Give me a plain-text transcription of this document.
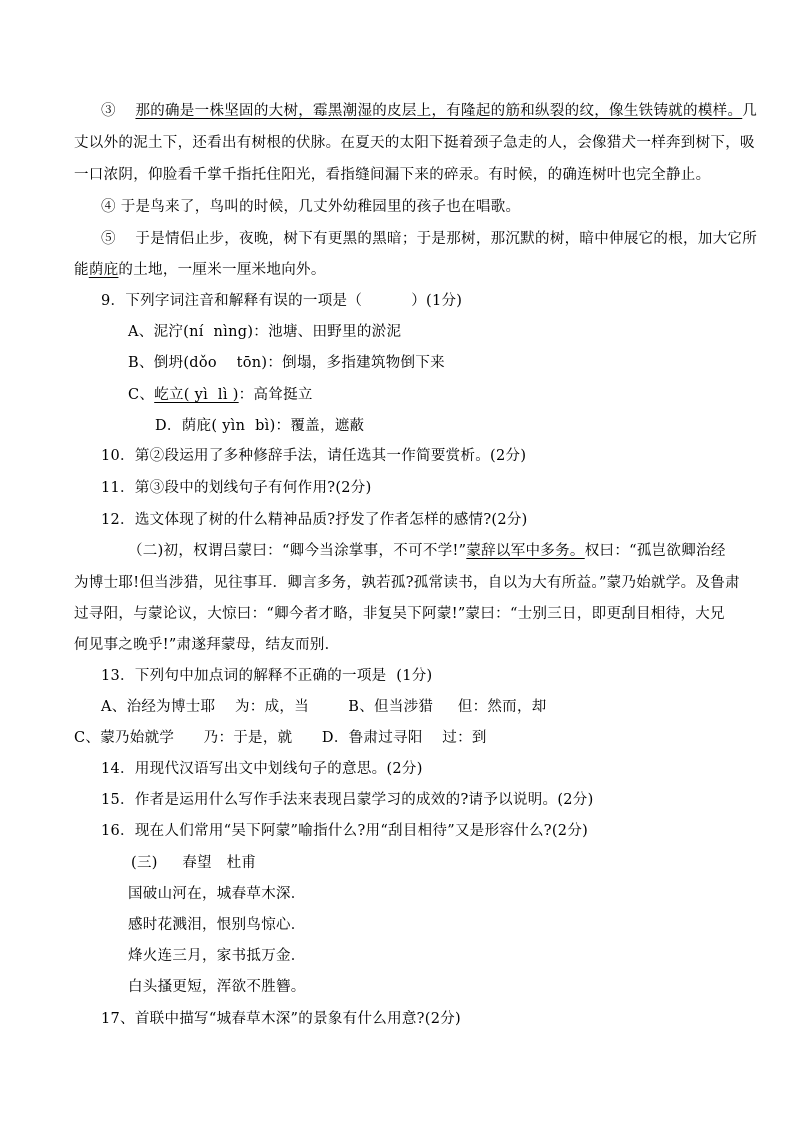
③ 那的确是一株坚固的大树，霉黑潮湿的皮层上，有隆起的筋和纵裂的纹，像生铁铸就的模样。几
丈以外的泥土下，还看出有树根的伏脉。在夏天的太阳下挺着颈子急走的人，会像猎犬一样奔到树下，吸
一口浓阴，仰脸看千掌千指托住阳光，看指缝间漏下来的碎汞。有时候，的确连树叶也完全静止。
④ 于是鸟来了，鸟叫的时候，几丈外幼稚园里的孩子也在唱歌。
⑤    于是情侣止步，夜晚，树下有更黑的黑暗；于是那树，那沉默的树，暗中伸展它的根，加大它所
能荫庇的土地，一厘米一厘米地向外。
9．下列字词注音和解释有误的一项是（          ）(1分)
A、泥泞(ní  nìng)：池塘、田野里的淤泥
B、倒坍(dǒo    tōn)：倒塌，多指建筑物倒下来
C、屹立( yì  lì )：高耸挺立
D．荫庇( yìn  bì)：覆盖，遮蔽
10．第②段运用了多种修辞手法，请任选其一作简要赏析。(2分)
11．第③段中的划线句子有何作用?(2分)
12．选文体现了树的什么精神品质?抒发了作者怎样的感情?(2分)
（二)初，权谓吕蒙曰：“卿今当涂掌事，不可不学!”蒙辞以军中多务。权曰：“孤岂欲卿治经
为博士耶!但当涉猎，见往事耳．卿言多务，孰若孤?孤常读书，自以为大有所益。”蒙乃始就学。及鲁肃
过寻阳，与蒙论议，大惊曰：“卿今者才略，非复吴下阿蒙!”蒙曰：“士别三日，即更刮目相待，大兄
何见事之晚乎!”肃遂拜蒙母，结友而别．
13．下列句中加点词的解释不正确的一项是  (1分)
A、治经为博士耶    为：成，当        B、但当涉猎     但：然而，却
C、蒙乃始就学      乃：于是，就      D．鲁肃过寻阳    过：到
14．用现代汉语写出文中划线句子的意思。(2分)
15．作者是运用什么写作手法来表现吕蒙学习的成效的?请予以说明。(2分)
16．现在人们常用“吴下阿蒙”喻指什么?用“刮目相待”又是形容什么?(2分)
(三)     春望   杜甫
国破山河在，城春草木深．
感时花溅泪，恨别鸟惊心．
烽火连三月，家书抵万金．
白头搔更短，浑欲不胜簪。
17、首联中描写“城春草木深”的景象有什么用意?(2分)
